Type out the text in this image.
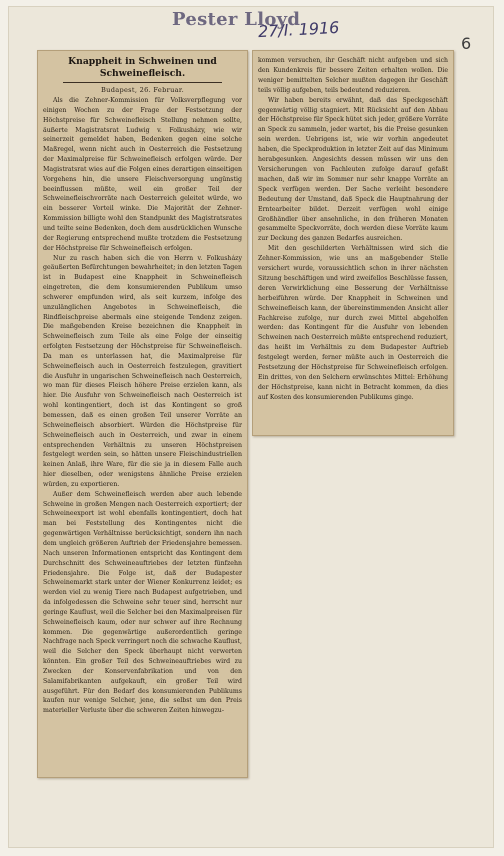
Pester Lloyd
27/I. 1916
6
Knappheit in Schweinen und Schweinefleisch.
Budapest, 26. Februar.

Als die Zehner-Kommission für Volksverpflegung vor einigen Wochen zu der Frage der Festsetzung der Höchstpreise für Schweinefleisch Stellung nehmen sollte, äußerte Magistratsrat Ludwig v. Folkusházy, wie wir seinerzeit gemeldet haben, Bedenken gegen eine solche Maßregel, wenn nicht auch in Oesterreich die Festsetzung der Maximalpreise für Schweinefleisch erfolgen würde. Der Magistratsrat wies auf die Folgen eines derartigen einseitigen Vorgehens hin, die unsere Fleischversorgung ungünstig beeinflussen müßte, weil ein großer Teil der Schweinefleischvorräte nach Oesterreich geleitet würde, wo ein besserer Vorteil winke. Die Majorität der Zehner-Kommission billigte wohl den Standpunkt des Magistratsrates und teilte seine Bedenken, doch dem ausdrücklichen Wunsche der Regierung entsprechend mußte trotzdem die Festsetzung der Höchstpreise für Schweinefleisch erfolgen.

Nur zu rasch haben sich die von Herrn v. Folkusházy geäußerten Befürchtungen bewahrheitet; in den letzten Tagen ist in Budapest eine Knappheit in Schweinefleisch eingetreten, die dem konsumierenden Publikum umso schwerer empfunden wird, als seit kurzem, infolge des unzulänglichen Angebotes in Schweinefleisch, die Rindfleischpreise abermals eine steigende Tendenz zeigen. Die maßgebenden Kreise bezeichnen die Knappheit in Schweinefleisch zum Teile als eine Folge der einseitig erfolgten Festsetzung der Höchstpreise für Schweinefleisch. Da man es unterlassen hat, die Maximalpreise für Schweinefleisch auch in Oesterreich festzulegen, gravitiert die Ausfuhr in ungarischen Schweinefleisch nach Oesterreich, wo man für dieses Fleisch höhere Preise erzielen kann, als hier. Die Ausfuhr von Schweinefleisch nach Oesterreich ist wohl kontingentiert, doch ist das Kontingent so groß bemessen, daß es einen großen Teil unserer Vorräte an Schweinefleisch absorbiert. Würden die Höchstpreise für Schweinefleisch auch in Oesterreich, und zwar in einem entsprechenden Verhältnis zu unseren Höchstpreisen festgelegt werden sein, so hätten unsere Fleischindustriellen keinen Anlaß, ihre Ware, für die sie ja in diesem Falle auch hier dieselben, oder wenigstens ähnliche Preise erzielen würden, zu exportieren.

Außer dem Schweinefleisch werden aber auch lebende Schweine in großen Mengen nach Oesterreich exportiert; der Schweineexport ist wohl ebenfalls kontingentiert, doch hat man bei Feststellung des Kontingentes nicht die gegenwärtigen Verhältnisse berücksichtigt, sondern ihn nach dem ungleich größeren Auftrieb der Friedensjahre bemessen. Nach unseren Informationen entspricht das Kontingent dem Durchschnitt des Schweineauftriebes der letzten fünfzehn Friedensjahre. Die Folge ist, daß der Budapester Schweinemarkt stark unter der Wiener Konkurrenz leidet; es werden viel zu wenig Tiere nach Budapest aufgetrieben, und da infolgedessen die Schweine sehr teuer sind, herrscht nur geringe Kauflust, weil die Selcher bei den Maximalpreisen für Schweinefleisch kaum, oder nur schwer auf ihre Rechnung kommen. Die gegenwärtige außerordentlich geringe Nachfrage nach Speck verringert noch die schwache Kauflust, weil die Selcher den Speck überhaupt nicht verwerten könnten. Ein großer Teil des Schweineauftriebes wird zu Zwecken der Konservenfabrikation und von den Salamifabrikanten aufgekauft, ein großer Teil wird ausgeführt. Für den Bedarf des konsumierenden Publikums kaufen nur wenige Selcher, jene, die selbst um den Preis materieller Verluste über die schweren Zeiten hinwegzu-

kommen versuchen, ihr Geschäft nicht aufgeben und sich den Kundenkreis für bessere Zeiten erhalten wollen. Die weniger bemittelten Selcher mußten dagegen ihr Geschäft teils völlig aufgeben, teils bedeutend reduzieren.

Wir haben bereits erwähnt, daß das Speckgeschäft gegenwärtig völlig stagniert. Mit Rücksicht auf den Abbau der Höchstpreise für Speck hütet sich jeder, größere Vorräte an Speck zu sammeln, jeder wartet, bis die Preise gesunken sein werden. Uebrigens ist, wie wir vorhin angedeutet haben, die Speckproduktion in letzter Zeit auf das Minimum herabgesunken. Angesichts dessen müssen wir uns den Versicherungen von Fachleuten zufolge darauf gefaßt machen, daß wir im Sommer nur sehr knappe Vorräte an Speck verfügen werden. Der Sache verleiht besondere Bedeutung der Umstand, daß Speck die Hauptnahrung der Erntearbeiter bildet. Derzeit verfügen wohl einige Großhändler über ansehnliche, in den früheren Monaten gesammelte Speckvorräte, doch werden diese Vorräte kaum zur Deckung des ganzen Bedarfes ausreichen.

Mit den geschilderten Verhältnissen wird sich die Zehner-Kommission, wie uns an maßgebender Stelle versichert wurde, voraussichtlich schon in ihrer nächsten Sitzung beschäftigen und wird zweifellos Beschlüsse fassen, deren Verwirklichung eine Besserung der Verhältnisse herbeiführen würde. Der Knappheit in Schweinen und Schweinefleisch kann, der übereinstimmenden Ansicht aller Fachkreise zufolge, nur durch zwei Mittel abgeholfen werden: das Kontingent für die Ausfuhr von lebenden Schweinen nach Oesterreich müßte entsprechend reduziert, das heißt im Verhältnis zu dem Budapester Auftrieb festgelegt werden, ferner müßte auch in Oesterreich die Festsetzung der Höchstpreise für Schweinefleisch erfolgen. Ein drittes, von den Selchern erwünschtes Mittel: Erhöhung der Höchstpreise, kann nicht in Betracht kommen, da dies auf Kosten des konsumierenden Publikums ginge.
